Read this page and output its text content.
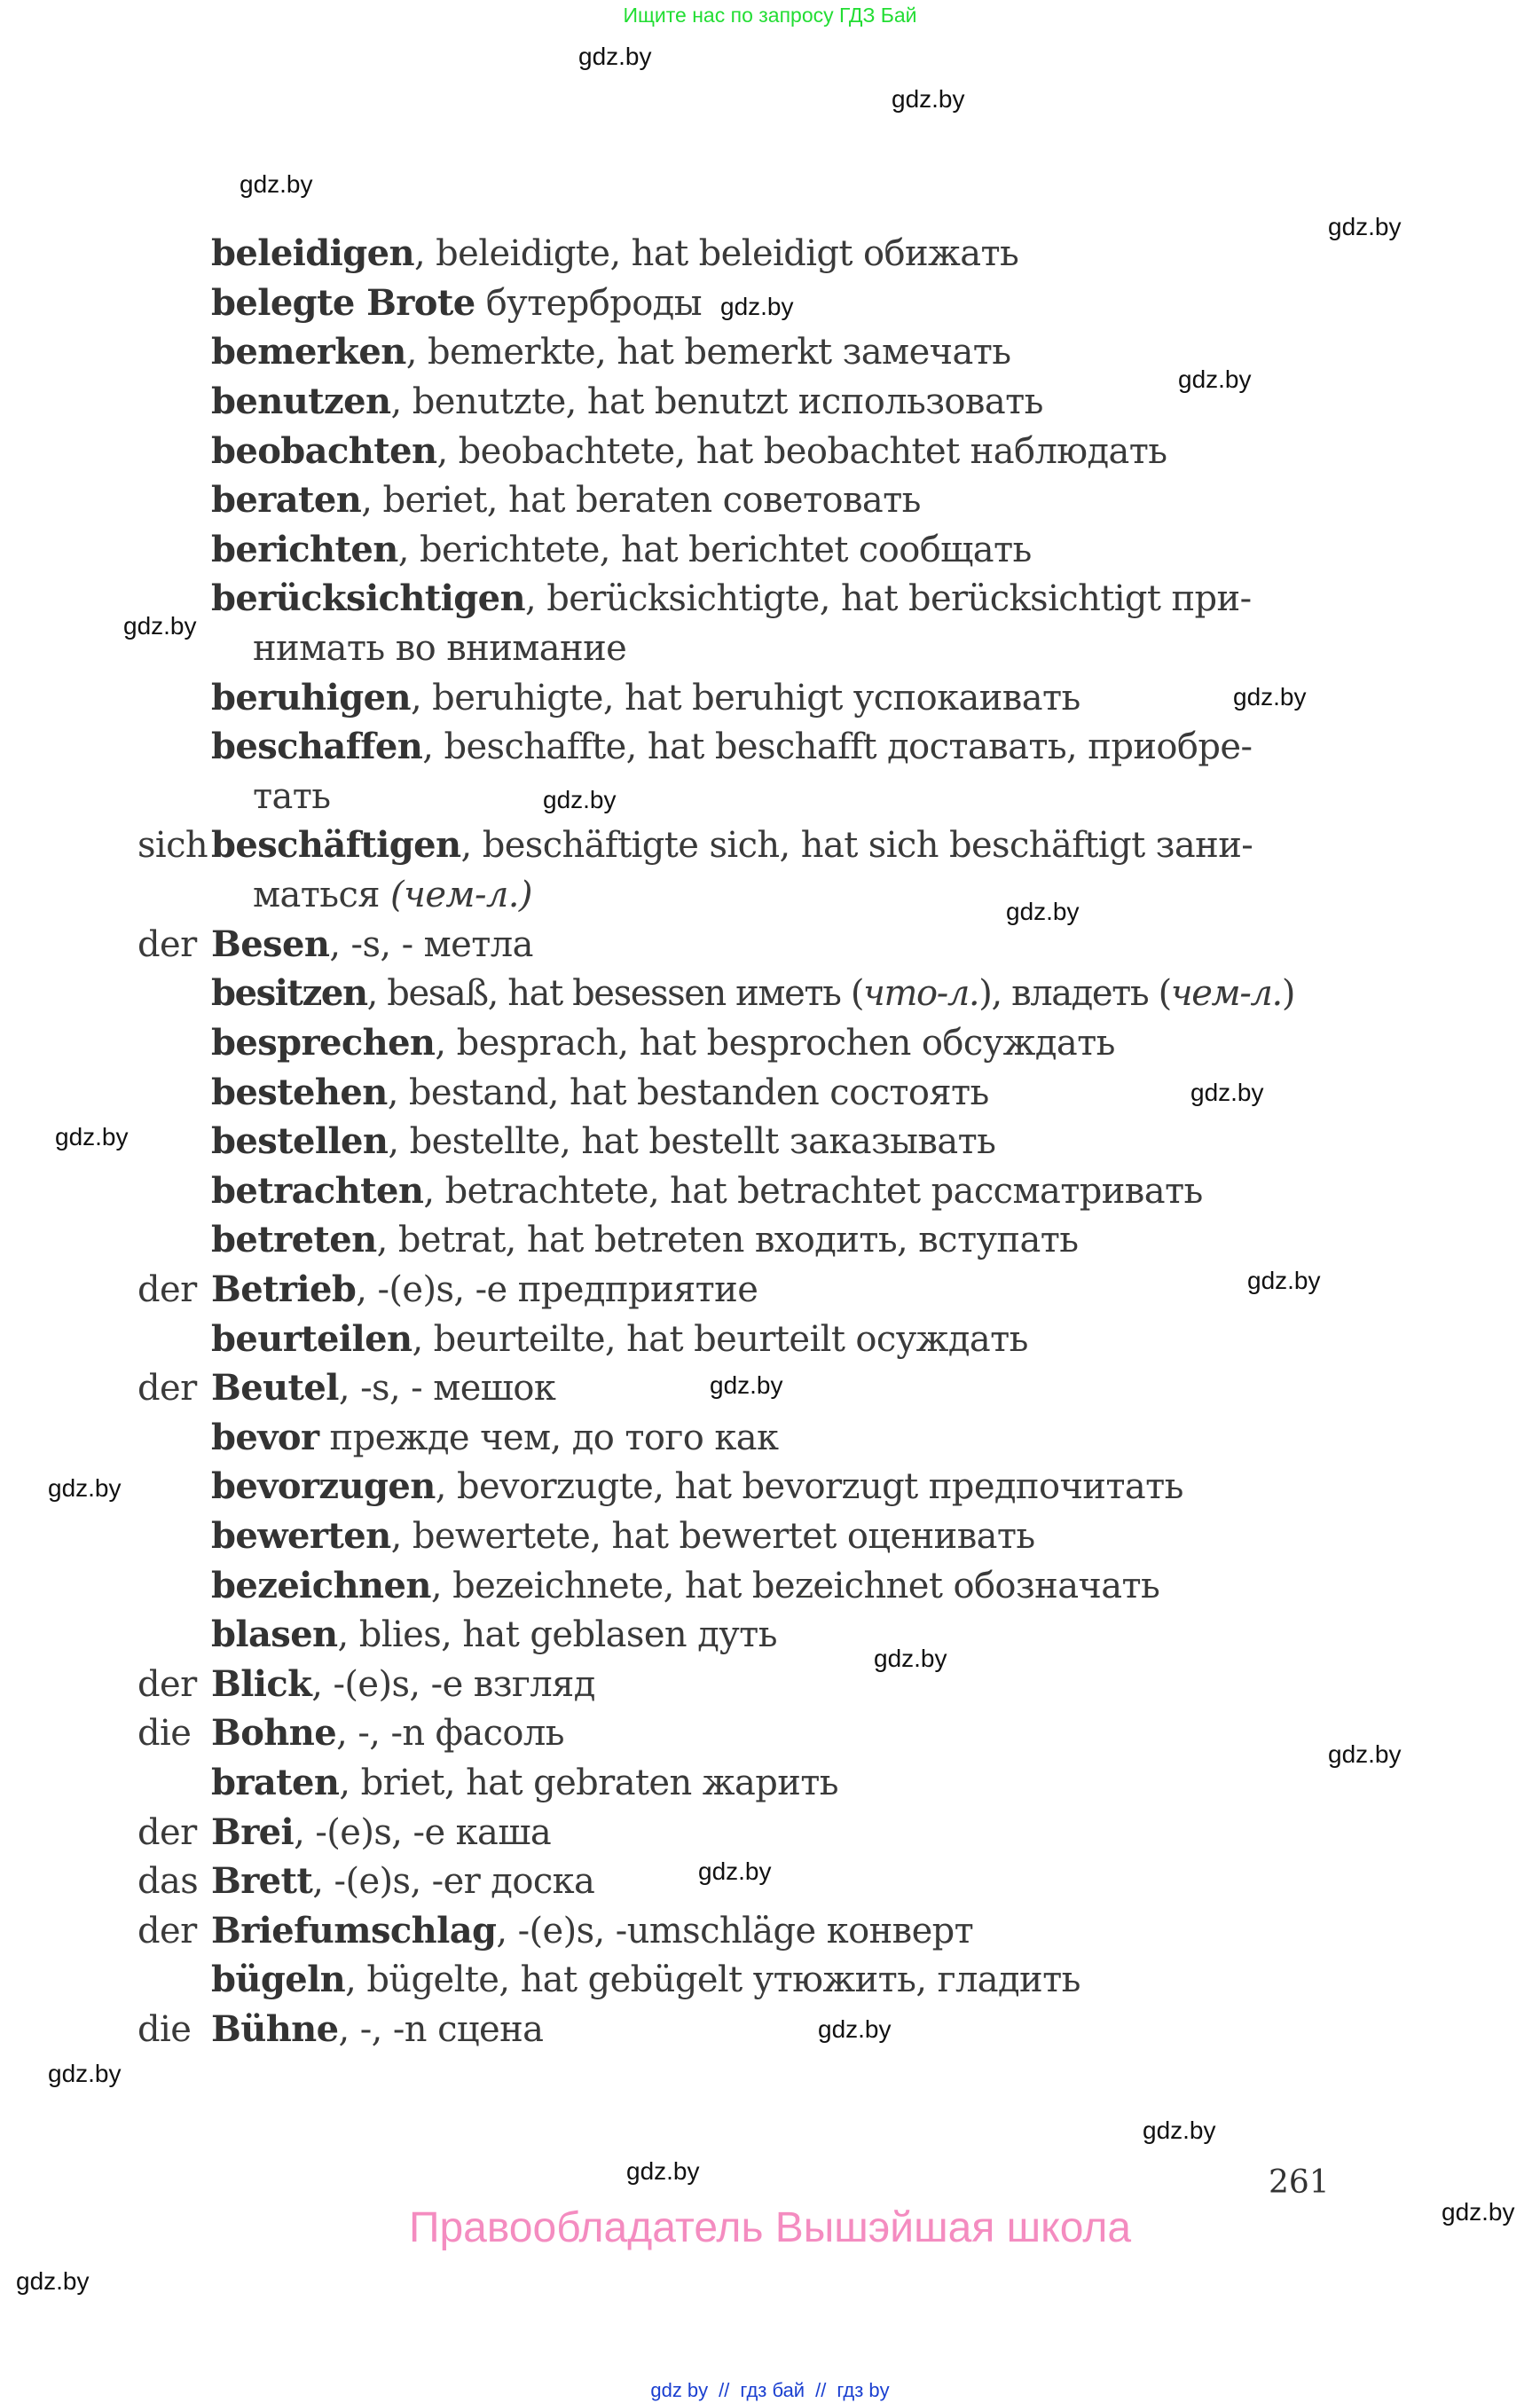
Ищите нас по запросу ГДЗ Бай
gdz.by
gdz.by
gdz.by
gdz.by
gdz.by
gdz.by
gdz.by
gdz.by
gdz.by
gdz.by
gdz.by
gdz.by
gdz.by
gdz.by
gdz.by
gdz.by
gdz.by
gdz.by
gdz.by
gdz.by
gdz.by
gdz.by
gdz.by
gdz.by
beleidigen, beleidigte, hat beleidigt обижать
belegte Brote бутерброды
bemerken, bemerkte, hat bemerkt замечать
benutzen, benutzte, hat benutzt использовать
beobachten, beobachtete, hat beobachtet наблюдать
beraten, beriet, hat beraten советовать
berichten, berichtete, hat berichtet сообщать
berücksichtigen, berücksichtigte, hat berücksichtigt при-
нимать во внимание
beruhigen, beruhigte, hat beruhigt успокаивать
beschaffen, beschaffte, hat beschafft доставать, приобре-
тать
sichbeschäftigen, beschäftigte sich, hat sich beschäftigt зани-
маться (чем-л.)
der Besen, -s, - метла
besitzen, besaß, hat besessen иметь (что-л.), владеть (чем-л.)
besprechen, besprach, hat besprochen обсуждать
bestehen, bestand, hat bestanden состоять
bestellen, bestellte, hat bestellt заказывать
betrachten, betrachtete, hat betrachtet рассматривать
betreten, betrat, hat betreten входить, вступать
der Betrieb, -(e)s, -e предприятие
beurteilen, beurteilte, hat beurteilt осуждать
der Beutel, -s, - мешок
bevor прежде чем, до того как
bevorzugen, bevorzugte, hat bevorzugt предпочитать
bewerten, bewertete, hat bewertet оценивать
bezeichnen, bezeichnete, hat bezeichnet обозначать
blasen, blies, hat geblasen дуть
der Blick, -(e)s, -e взгляд
die Bohne, -, -n фасоль
braten, briet, hat gebraten жарить
der Brei, -(e)s, -e каша
das Brett, -(e)s, -er доска
der Briefumschlag, -(e)s, -umschläge конверт
bügeln, bügelte, hat gebügelt утюжить, гладить
die Bühne, -, -n сцена
261
Правообладатель Вышэйшая школа
gdz by // гдз бай // гдз by
